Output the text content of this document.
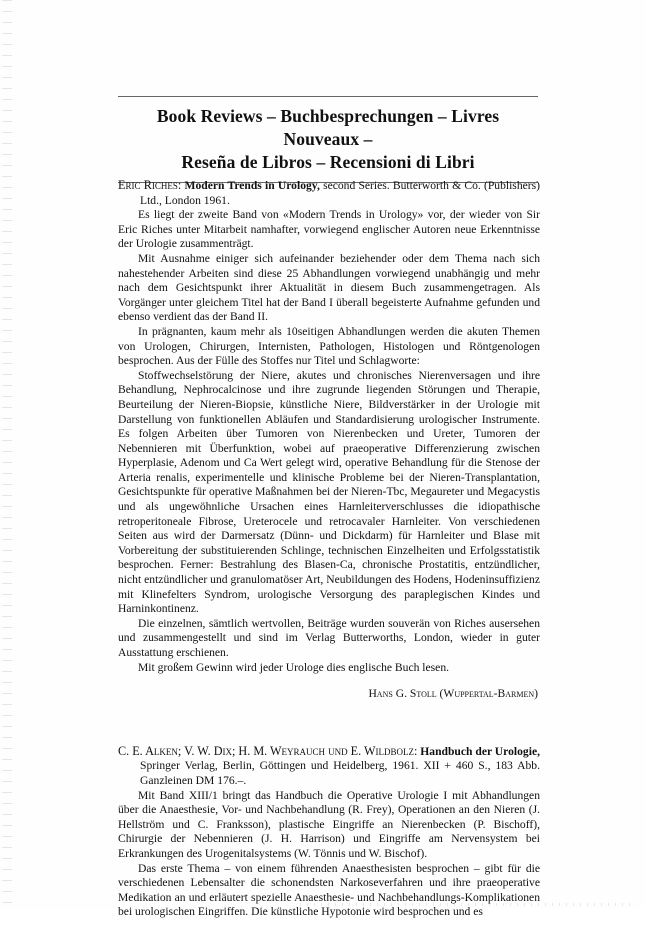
Book Reviews – Buchbesprechungen – Livres Nouveaux –
Reseña de Libros – Recensioni di Libri
Eric Riches: Modern Trends in Urology, second Series. Butterworth & Co. (Publishers) Ltd., London 1961.

Es liegt der zweite Band von «Modern Trends in Urology» vor, der wieder von Sir Eric Riches unter Mitarbeit namhafter, vorwiegend englischer Autoren neue Erkenntnisse der Urologie zusammenträgt.

Mit Ausnahme einiger sich aufeinander beziehender oder dem Thema nach sich nahestehender Arbeiten sind diese 25 Abhandlungen vorwiegend unabhängig und mehr nach dem Gesichtspunkt ihrer Aktualität in diesem Buch zusammengetragen. Als Vorgänger unter gleichem Titel hat der Band I überall begeisterte Aufnahme gefunden und ebenso verdient das der Band II.

In prägnanten, kaum mehr als 10seitigen Abhandlungen werden die akuten Themen von Urologen, Chirurgen, Internisten, Pathologen, Histologen und Röntgenologen besprochen. Aus der Fülle des Stoffes nur Titel und Schlagworte:

Stoffwechselstörung der Niere, akutes und chronisches Nierenversagen und ihre Behandlung, Nephrocalcinose und ihre zugrunde liegenden Störungen und Therapie, Beurteilung der Nieren-Biopsie, künstliche Niere, Bildverstärker in der Urologie mit Darstellung von funktionellen Abläufen und Standardisierung urologischer Instrumente. Es folgen Arbeiten über Tumoren von Nierenbecken und Ureter, Tumoren der Nebennieren mit Überfunktion, wobei auf praeoperative Differenzierung zwischen Hyperplasie, Adenom und Ca Wert gelegt wird, operative Behandlung für die Stenose der Arteria renalis, experimentelle und klinische Probleme bei der Nieren-Transplantation, Gesichtspunkte für operative Maßnahmen bei der Nieren-Tbc, Megaureter und Megacystis und als ungewöhnliche Ursachen eines Harnleiterverschlusses die idiopathische retroperitoneale Fibrose, Ureterocele und retrocavaler Harnleiter. Von verschiedenen Seiten aus wird der Darmersatz (Dünn- und Dickdarm) für Harnleiter und Blase mit Vorbereitung der substituierenden Schlinge, technischen Einzelheiten und Erfolgsstatistik besprochen. Ferner: Bestrahlung des Blasen-Ca, chronische Prostatitis, entzündlicher, nicht entzündlicher und granulomatöser Art, Neubildungen des Hodens, Hodeninsuffizienz mit Klinefelters Syndrom, urologische Versorgung des paraplegischen Kindes und Harninkontinenz.

Die einzelnen, sämtlich wertvollen, Beiträge wurden souverän von Riches ausersehen und zusammengestellt und sind im Verlag Butterworths, London, wieder in guter Ausstattung erschienen.

Mit großem Gewinn wird jeder Urologe dies englische Buch lesen.

Hans G. Stoll (Wuppertal-Barmen)
C. E. Alken; V. W. Dix; H. M. Weyrauch und E. Wildbolz: Handbuch der Urologie, Springer Verlag, Berlin, Göttingen und Heidelberg, 1961. XII + 460 S., 183 Abb. Ganzleinen DM 176.–.

Mit Band XIII/1 bringt das Handbuch die Operative Urologie I mit Abhandlungen über die Anaesthesie, Vor- und Nachbehandlung (R. Frey), Operationen an den Nieren (J. Hellström und C. Franksson), plastische Eingriffe an Nierenbecken (P. Bischoff), Chirurgie der Nebennieren (J. H. Harrison) und Eingriffe am Nervensystem bei Erkrankungen des Urogenitalsystems (W. Tönnis und W. Bischof).

Das erste Thema – von einem führenden Anaesthesisten besprochen – gibt für die verschiedenen Lebensalter die schonendsten Narkoseverfahren und ihre praeoperative Medikation an und erläutert spezielle Anaesthesie- und Nachbehandlungs-Komplikationen bei urologischen Eingriffen. Die künstliche Hypotonie wird besprochen und es
